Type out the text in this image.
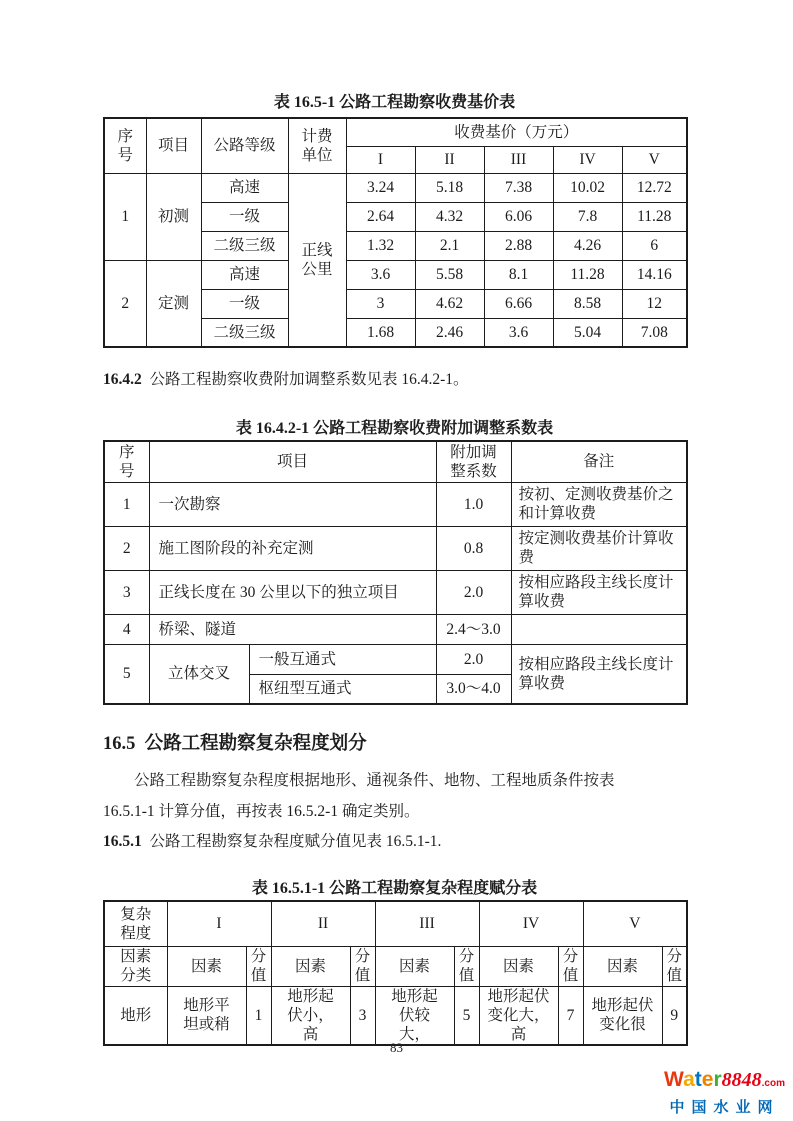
表 16.5-1 公路工程勘察收费基价表

序号	项目	公路等级	计费单位	收费基价（万元）				
				I	II	III	IV	V
1	初测	高速	正线公里	3.24	5.18	7.38	10.02	12.72
		一级		2.64	4.32	6.06	7.8	11.28
		二级三级		1.32	2.1	2.88	4.26	6
2	定测	高速		3.6	5.58	8.1	11.28	14.16
		一级		3	4.62	6.66	8.58	12
		二级三级		1.68	2.46	3.6	5.04	7.08

16.4.2 公路工程勘察收费附加调整系数见表 16.4.2-1。

表 16.4.2-1 公路工程勘察收费附加调整系数表

序号	项目		附加调整系数	备注
1	一次勘察		1.0	按初、定测收费基价之和计算收费
2	施工图阶段的补充定测		0.8	按定测收费基价计算收费
3	正线长度在 30 公里以下的独立项目		2.0	按相应路段主线长度计算收费
4	桥梁、隧道		2.4～3.0	
5	立体交叉	一般互通式	2.0	按相应路段主线长度计算收费
		枢纽型互通式	3.0～4.0	
16.5 公路工程勘察复杂程度划分

公路工程勘察复杂程度根据地形、通视条件、地物、工程地质条件按表

16.5.1-1 计算分值，再按表 16.5.2-1 确定类别。

16.5.1 公路工程勘察复杂程度赋分值见表 16.5.1-1.

表 16.5.1-1 公路工程勘察复杂程度赋分表

复杂程度	I		II		III		IV		V	
因素分类	因素	分值	因素	分值	因素	分值	因素	分值	因素	分值
地形	地形平坦或稍	1	地形起伏小，高	3	地形起伏较大，	5	地形起伏变化大，高	7	地形起伏变化很	9
83
Water8848.com
中国水业网
